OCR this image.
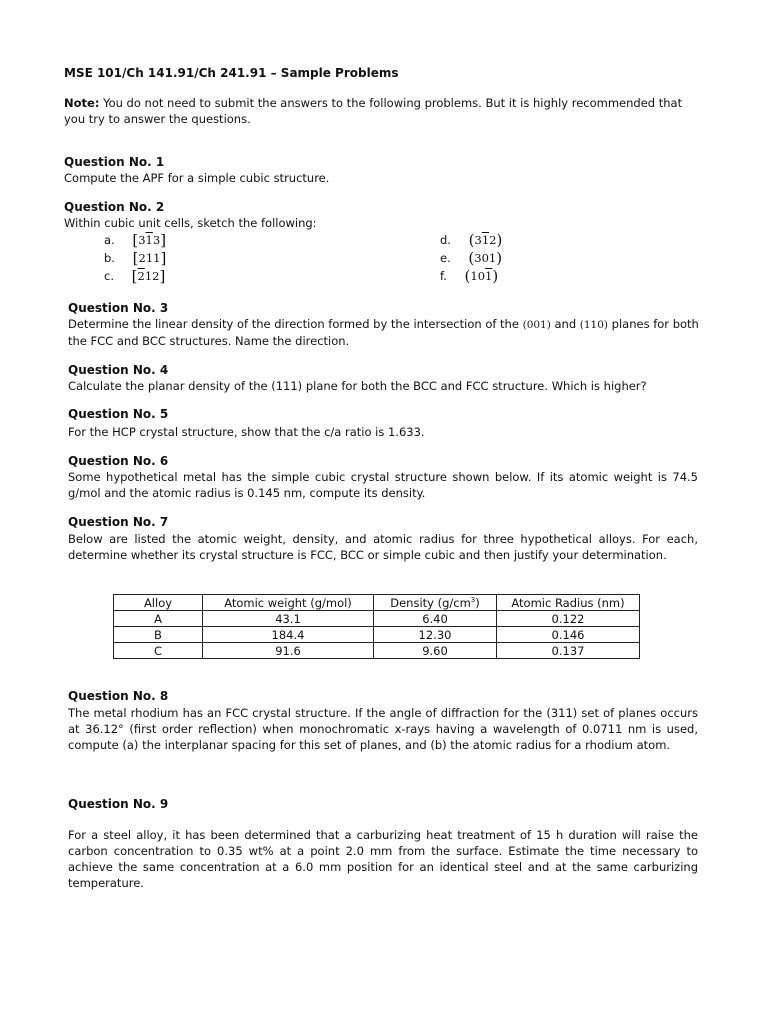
MSE 101/Ch 141.91/Ch 241.91 – Sample Problems
Note: You do not need to submit the answers to the following problems. But it is highly recommended that you try to answer the questions.
Question No. 1
Compute the APF for a simple cubic structure.
Question No. 2
Within cubic unit cells, sketch the following:
a. [313]
b. [211]
c. [212]
d. (312)
e. (301)
f. (101)
Question No. 3
Determine the linear density of the direction formed by the intersection of the (001) and (110) planes for both the FCC and BCC structures. Name the direction.
Question No. 4
Calculate the planar density of the (111) plane for both the BCC and FCC structure. Which is higher?
Question No. 5
For the HCP crystal structure, show that the c/a ratio is 1.633.
Question No. 6
Some hypothetical metal has the simple cubic crystal structure shown below. If its atomic weight is 74.5 g/mol and the atomic radius is 0.145 nm, compute its density.
Question No. 7
Below are listed the atomic weight, density, and atomic radius for three hypothetical alloys. For each, determine whether its crystal structure is FCC, BCC or simple cubic and then justify your determination.
Alloy	Atomic weight (g/mol)	Density $(g/cm^3)$	Atomic Radius (nm)
A	43.1	6.40	0.122
B	184.4	12.30	0.146
C	91.6	9.60	0.137
Question No. 8
The metal rhodium has an FCC crystal structure. If the angle of diffraction for the (311) set of planes occurs at 36.12° (first order reflection) when monochromatic x-rays having a wavelength of 0.0711 nm is used, compute (a) the interplanar spacing for this set of planes, and (b) the atomic radius for a rhodium atom.
Question No. 9
For a steel alloy, it has been determined that a carburizing heat treatment of 15 h duration will raise the carbon concentration to 0.35 wt% at a point 2.0 mm from the surface. Estimate the time necessary to achieve the same concentration at a 6.0 mm position for an identical steel and at the same carburizing temperature.
